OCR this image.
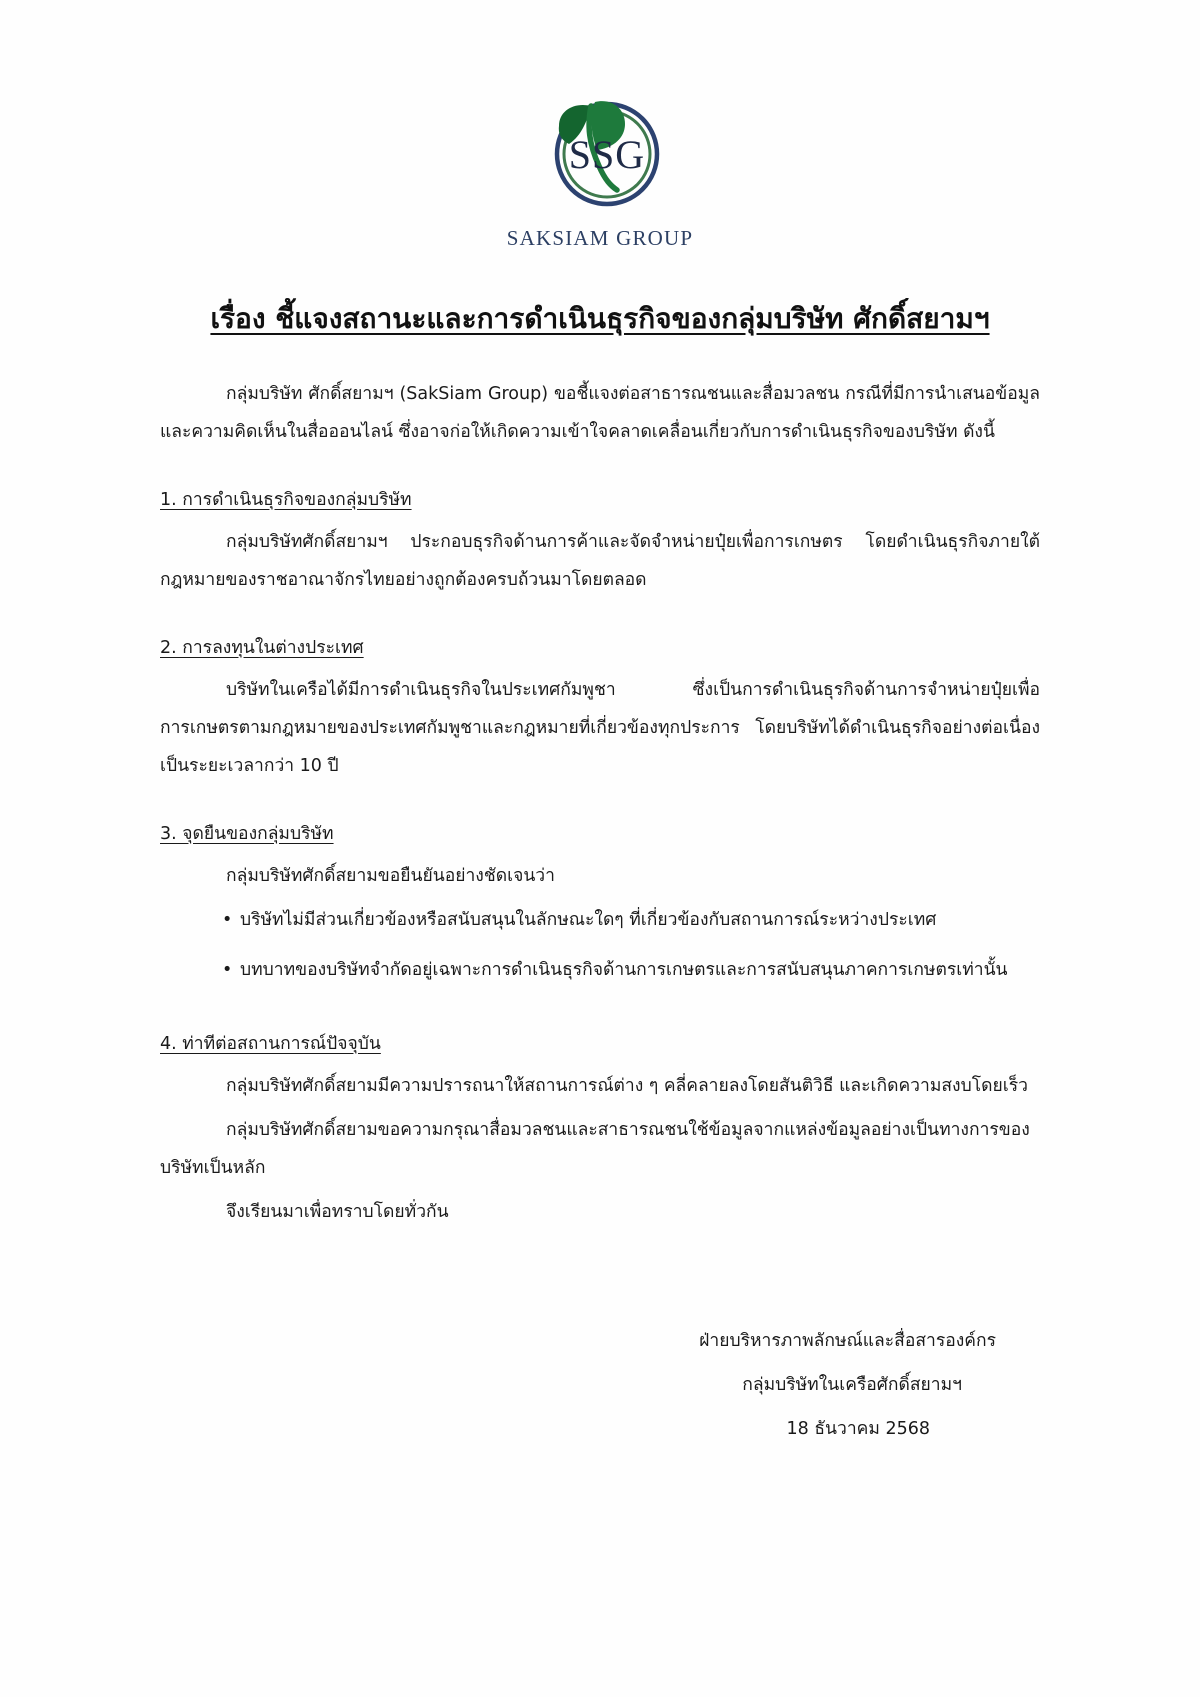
SSG
SAKSIAM GROUP
เรื่อง ชี้แจงสถานะและการดำเนินธุรกิจของกลุ่มบริษัท ศักดิ์สยามฯ

กลุ่มบริษัท ศักดิ์สยามฯ (SakSiam Group) ขอชี้แจงต่อสาธารณชนและสื่อมวลชน กรณีที่มีการนำเสนอข้อมูลและความคิดเห็นในสื่อออนไลน์ ซึ่งอาจก่อให้เกิดความเข้าใจคลาดเคลื่อนเกี่ยวกับการดำเนินธุรกิจของบริษัท ดังนี้

1. การดำเนินธุรกิจของกลุ่มบริษัท

กลุ่มบริษัทศักดิ์สยามฯ ประกอบธุรกิจด้านการค้าและจัดจำหน่ายปุ๋ยเพื่อการเกษตร โดยดำเนินธุรกิจภายใต้กฎหมายของราชอาณาจักรไทยอย่างถูกต้องครบถ้วนมาโดยตลอด

2. การลงทุนในต่างประเทศ

บริษัทในเครือได้มีการดำเนินธุรกิจในประเทศกัมพูชา ซึ่งเป็นการดำเนินธุรกิจด้านการจำหน่ายปุ๋ยเพื่อการเกษตรตามกฎหมายของประเทศกัมพูชาและกฎหมายที่เกี่ยวข้องทุกประการ โดยบริษัทได้ดำเนินธุรกิจอย่างต่อเนื่องเป็นระยะเวลากว่า 10 ปี

3. จุดยืนของกลุ่มบริษัท

กลุ่มบริษัทศักดิ์สยามขอยืนยันอย่างชัดเจนว่า

• บริษัทไม่มีส่วนเกี่ยวข้องหรือสนับสนุนในลักษณะใดๆ ที่เกี่ยวข้องกับสถานการณ์ระหว่างประเทศ
• บทบาทของบริษัทจำกัดอยู่เฉพาะการดำเนินธุรกิจด้านการเกษตรและการสนับสนุนภาคการเกษตรเท่านั้น
4. ท่าทีต่อสถานการณ์ปัจจุบัน

กลุ่มบริษัทศักดิ์สยามมีความปรารถนาให้สถานการณ์ต่าง ๆ คลี่คลายลงโดยสันติวิธี และเกิดความสงบโดยเร็ว

กลุ่มบริษัทศักดิ์สยามขอความกรุณาสื่อมวลชนและสาธารณชนใช้ข้อมูลจากแหล่งข้อมูลอย่างเป็นทางการของบริษัทเป็นหลัก

จึงเรียนมาเพื่อทราบโดยทั่วกัน

ฝ่ายบริหารภาพลักษณ์และสื่อสารองค์กร
กลุ่มบริษัทในเครือศักดิ์สยามฯ
18 ธันวาคม 2568
